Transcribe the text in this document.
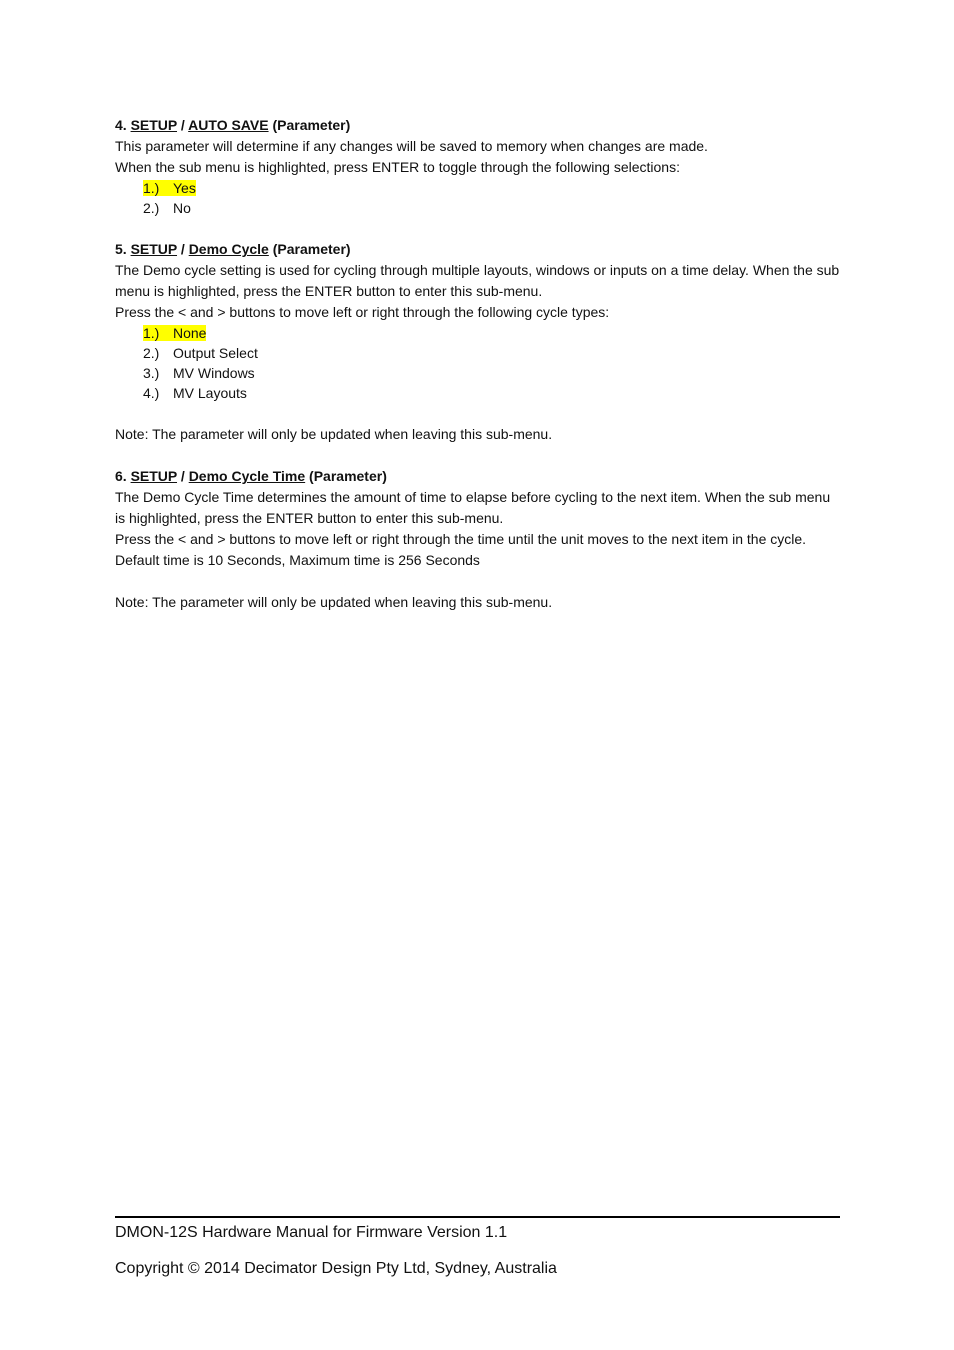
4. SETUP / AUTO SAVE (Parameter)

This parameter will determine if any changes will be saved to memory when changes are made.

When the sub menu is highlighted, press ENTER to toggle through the following selections:

1.) Yes
2.) No
5. SETUP / Demo Cycle (Parameter)

The Demo cycle setting is used for cycling through multiple layouts, windows or inputs on a time delay. When the sub menu is highlighted, press the ENTER button to enter this sub-menu.

Press the < and > buttons to move left or right through the following cycle types:

1.) None
2.) Output Select
3.) MV Windows
4.) MV Layouts

Note: The parameter will only be updated when leaving this sub-menu.

6. SETUP / Demo Cycle Time (Parameter)

The Demo Cycle Time determines the amount of time to elapse before cycling to the next item. When the sub menu is highlighted, press the ENTER button to enter this sub-menu.

Press the < and > buttons to move left or right through the time until the unit moves to the next item in the cycle.

Default time is 10 Seconds, Maximum time is 256 Seconds

Note: The parameter will only be updated when leaving this sub-menu.

DMON-12S Hardware Manual for Firmware Version 1.1
Copyright © 2014 Decimator Design Pty Ltd, Sydney, Australia
